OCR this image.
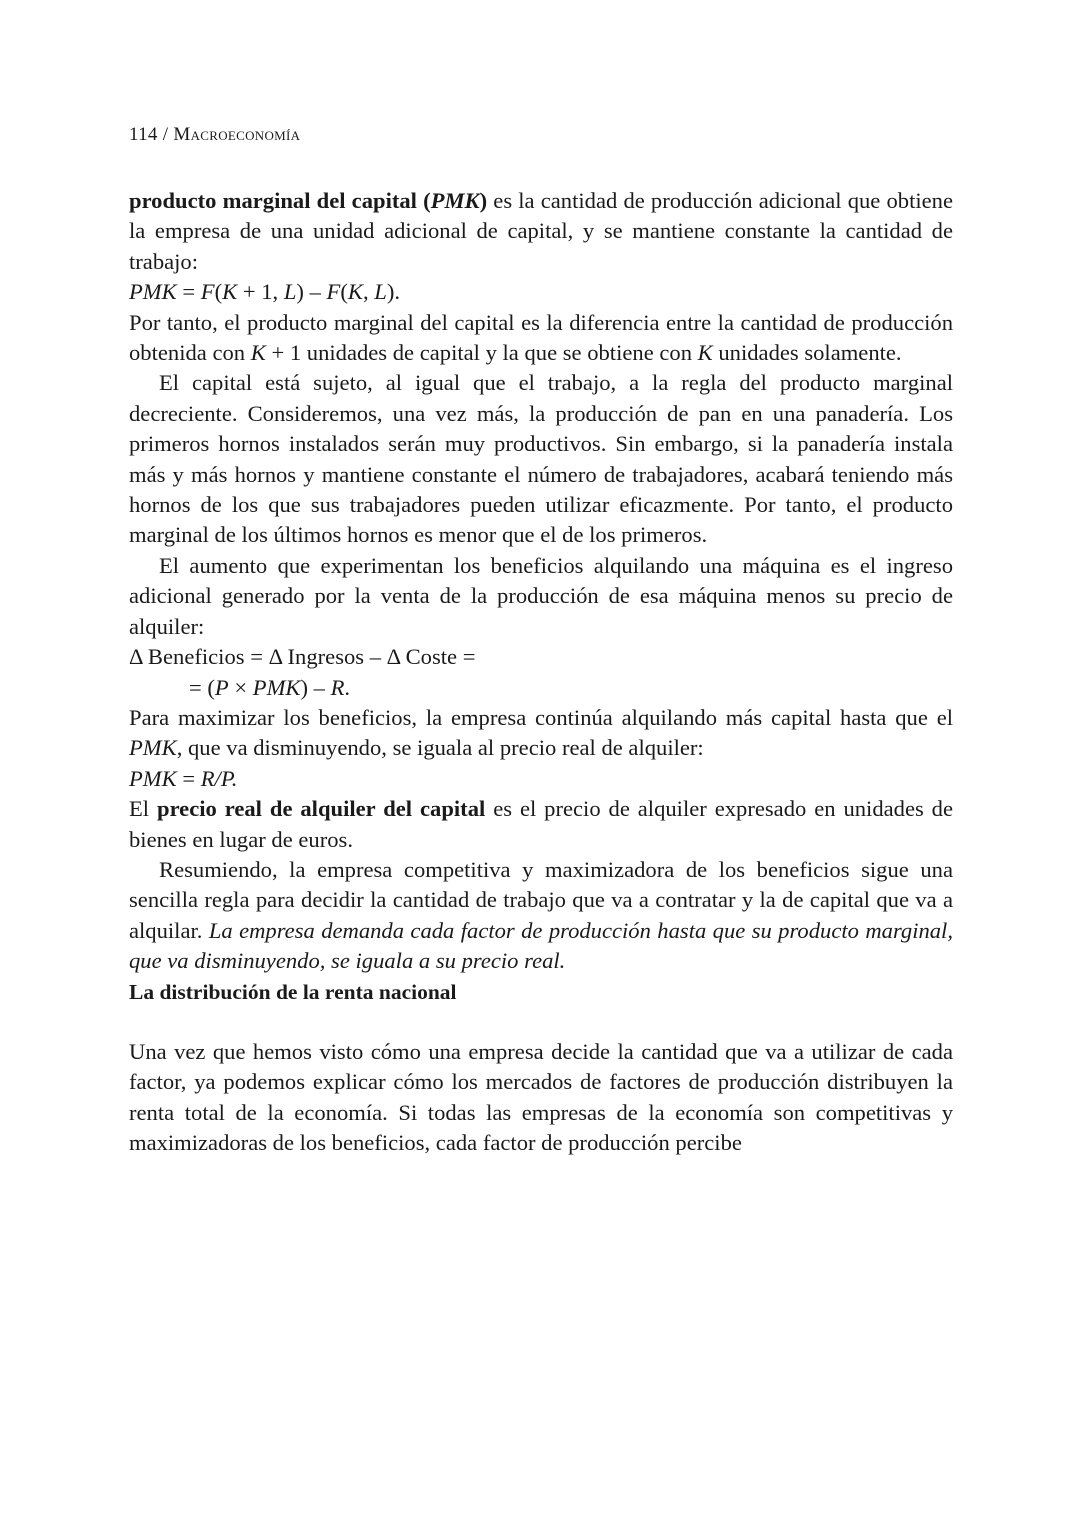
114 / Macroeconomía

producto marginal del capital (PMK) es la cantidad de producción adicional que obtiene la empresa de una unidad adicional de capital, y se mantiene constante la cantidad de trabajo:

PMK = F(K + 1, L) – F(K, L).

Por tanto, el producto marginal del capital es la diferencia entre la cantidad de producción obtenida con K + 1 unidades de capital y la que se obtiene con K unidades solamente.

El capital está sujeto, al igual que el trabajo, a la regla del producto marginal decreciente. Consideremos, una vez más, la producción de pan en una panadería. Los primeros hornos instalados serán muy productivos. Sin embargo, si la panadería instala más y más hornos y mantiene constante el número de trabajadores, acabará teniendo más hornos de los que sus trabajadores pueden utilizar eficazmente. Por tanto, el producto marginal de los últimos hornos es menor que el de los primeros.

El aumento que experimentan los beneficios alquilando una máquina es el ingreso adicional generado por la venta de la producción de esa máquina menos su precio de alquiler:

Δ Beneficios = Δ Ingresos – Δ Coste =

= (P × PMK) – R.

Para maximizar los beneficios, la empresa continúa alquilando más capital hasta que el PMK, que va disminuyendo, se iguala al precio real de alquiler:

PMK = R/P.

El precio real de alquiler del capital es el precio de alquiler expresado en unidades de bienes en lugar de euros.

Resumiendo, la empresa competitiva y maximizadora de los beneficios sigue una sencilla regla para decidir la cantidad de trabajo que va a contratar y la de capital que va a alquilar. La empresa demanda cada factor de producción hasta que su producto marginal, que va disminuyendo, se iguala a su precio real.

La distribución de la renta nacional

Una vez que hemos visto cómo una empresa decide la cantidad que va a utilizar de cada factor, ya podemos explicar cómo los mercados de factores de producción distribuyen la renta total de la economía. Si todas las empresas de la economía son competitivas y maximizadoras de los beneficios, cada factor de producción percibe
